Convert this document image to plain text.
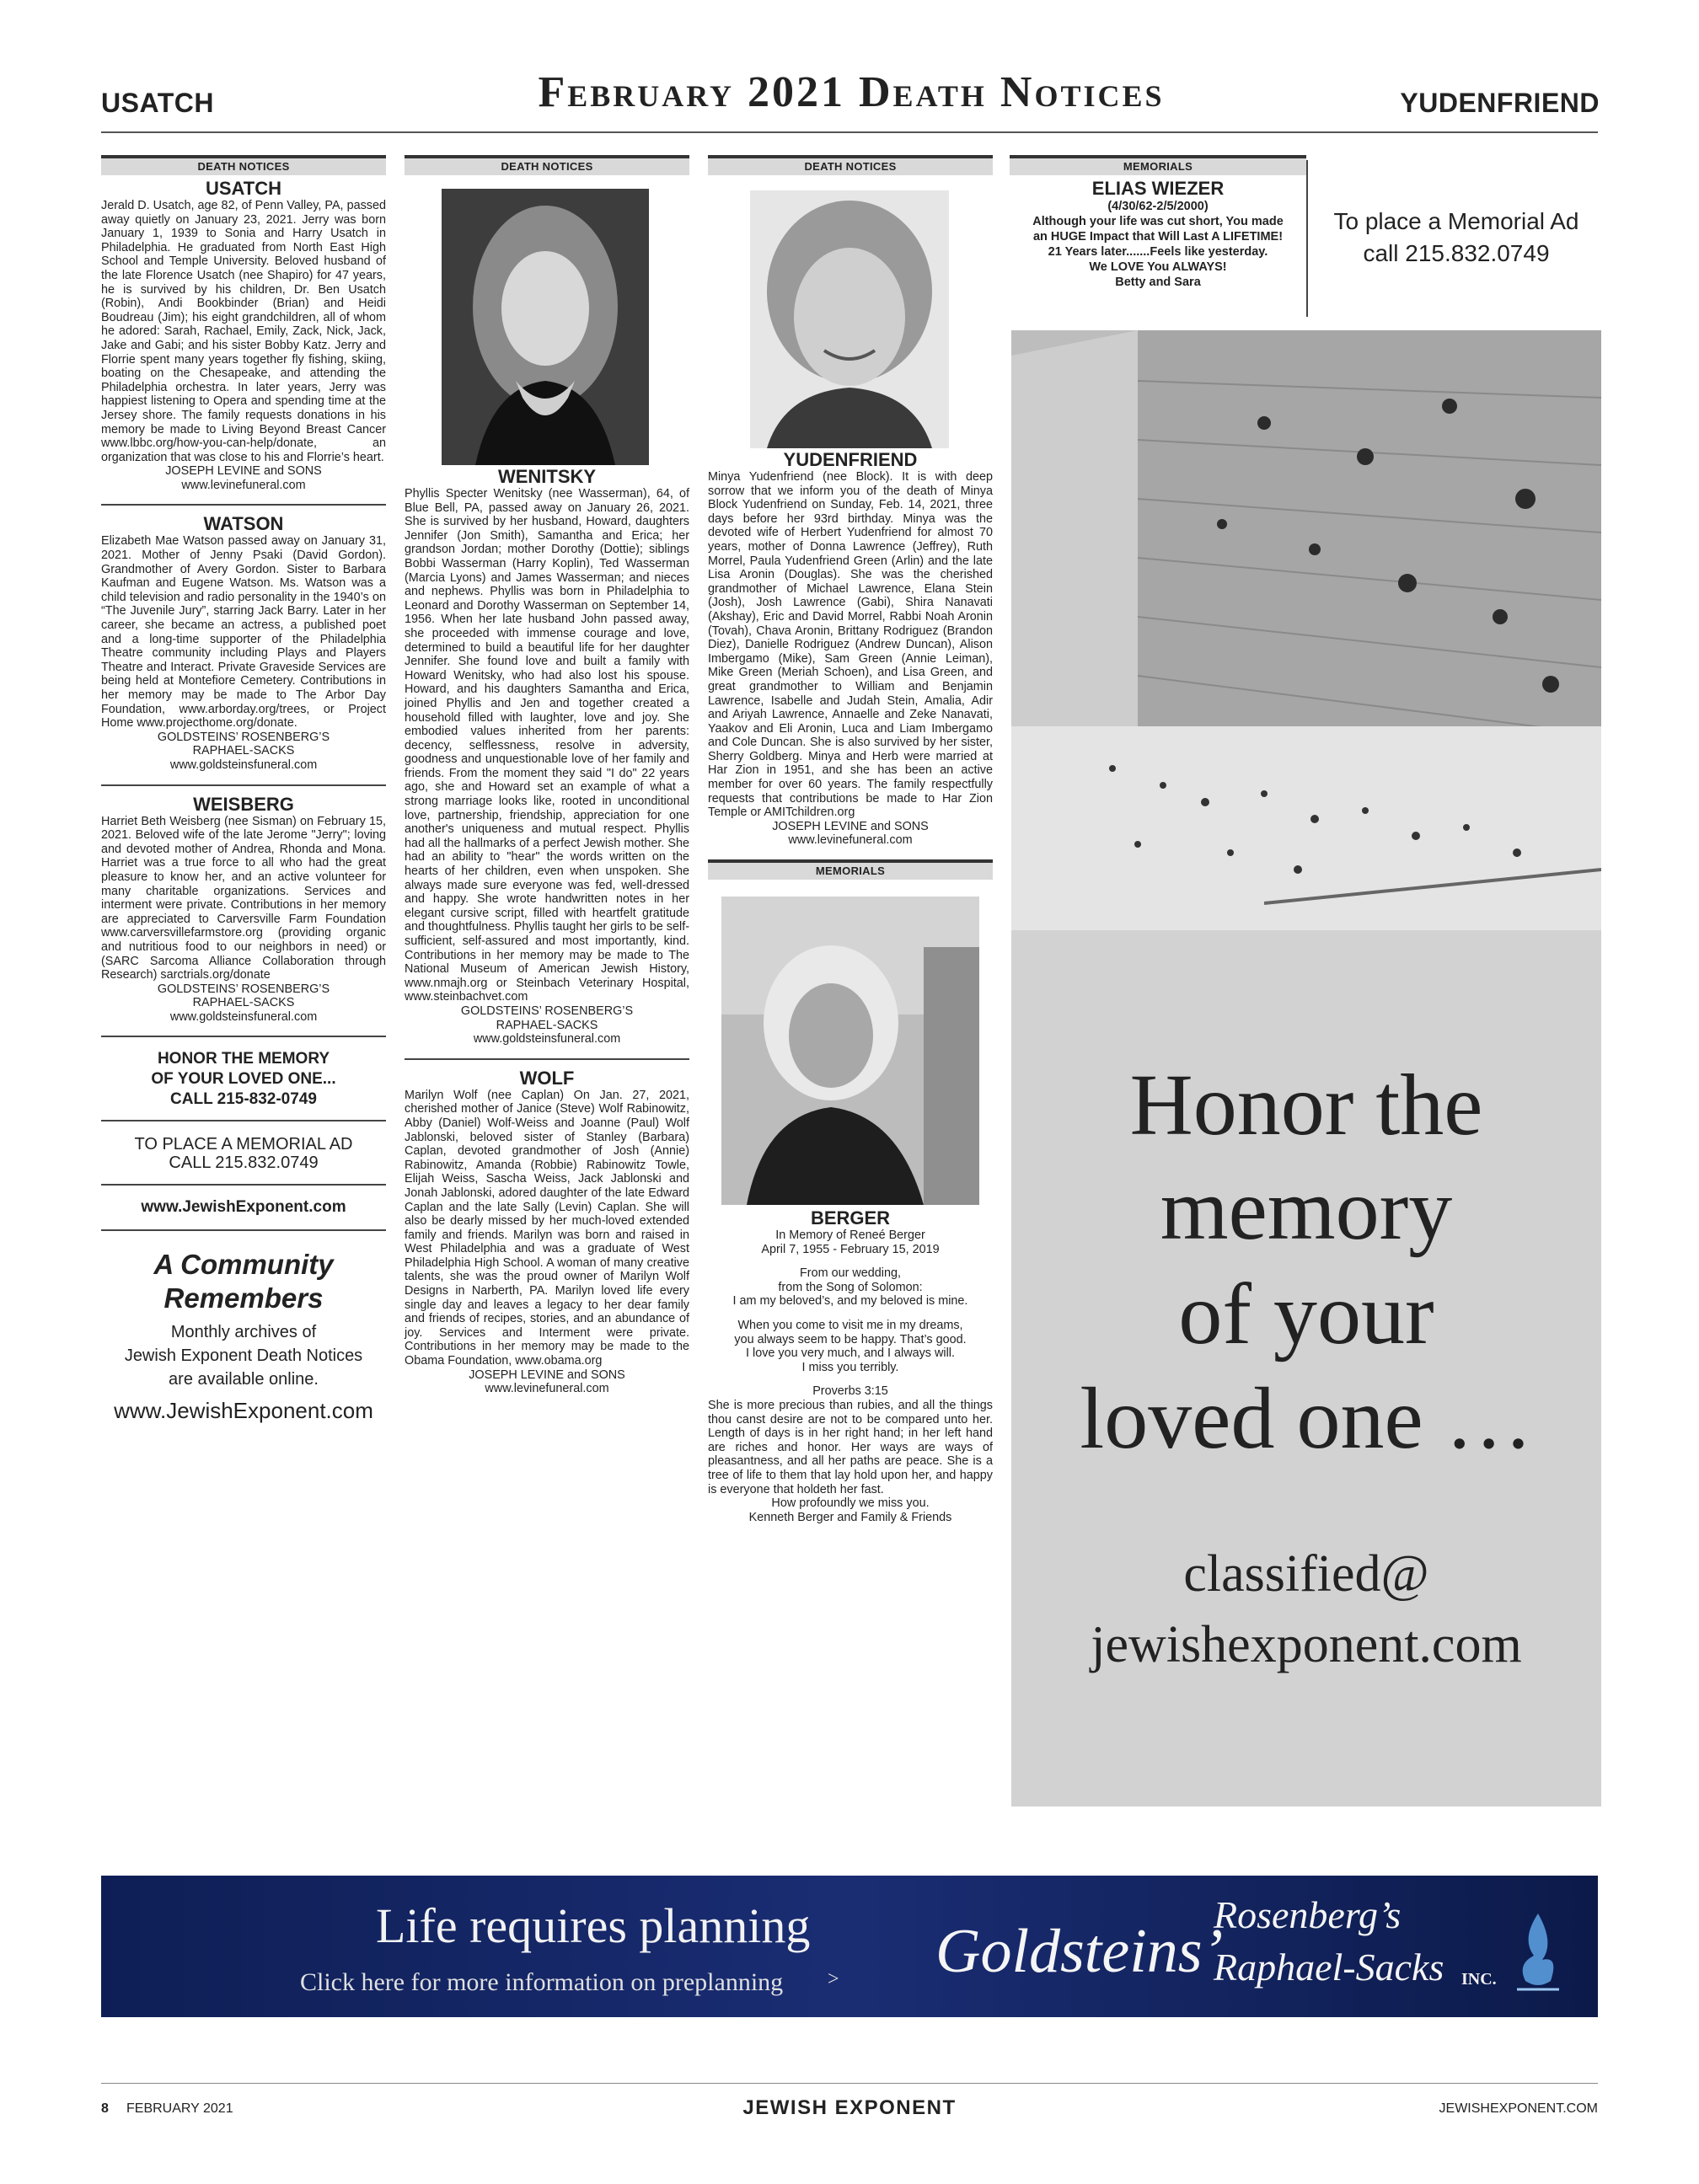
USATCH	February 2021 Death Notices	YUDENFRIEND
DEATH NOTICES
USATCH
Jerald D. Usatch, age 82, of Penn Valley, PA, passed away quietly on January 23, 2021. Jerry was born January 1, 1939 to Sonia and Harry Usatch in Philadelphia. He graduated from North East High School and Temple University. Beloved husband of the late Florence Usatch (nee Shapiro) for 47 years, he is survived by his children, Dr. Ben Usatch (Robin), Andi Bookbinder (Brian) and Heidi Boudreau (Jim); his eight grandchildren, all of whom he adored: Sarah, Rachael, Emily, Zack, Nick, Jack, Jake and Gabi; and his sister Bobby Katz. Jerry and Florrie spent many years together fly fishing, skiing, boating on the Chesapeake, and attending the Philadelphia orchestra. In later years, Jerry was happiest listening to Opera and spending time at the Jersey shore. The family requests donations in his memory be made to Living Beyond Breast Cancer www.lbbc.org/how-you-can-help/donate, an organization that was close to his and Florrie’s heart.
JOSEPH LEVINE and SONS
www.levinefuneral.com
WATSON
Elizabeth Mae Watson passed away on January 31, 2021. Mother of Jenny Psaki (David Gordon). Grandmother of Avery Gordon. Sister to Barbara Kaufman and Eugene Watson. Ms. Watson was a child television and radio personality in the 1940’s on “The Juvenile Jury”, starring Jack Barry. Later in her career, she became an actress, a published poet and a long-time supporter of the Philadelphia Theatre community including Plays and Players Theatre and Interact. Private Graveside Services are being held at Montefiore Cemetery. Contributions in her memory may be made to The Arbor Day Foundation, www.arborday.org/trees, or Project Home www.projecthome.org/donate.
GOLDSTEINS’ ROSENBERG’S
RAPHAEL-SACKS
www.goldsteinsfuneral.com
WEISBERG
Harriet Beth Weisberg (nee Sisman) on February 15, 2021. Beloved wife of the late Jerome "Jerry"; loving and devoted mother of Andrea, Rhonda and Mona. Harriet was a true force to all who had the great pleasure to know her, and an active volunteer for many charitable organizations. Services and interment were private. Contributions in her memory are appreciated to Carversville Farm Foundation www.carversvillefarmstore.org (providing organic and nutritious food to our neighbors in need) or (SARC Sarcoma Alliance Collaboration through Research) sarctrials.org/donate
GOLDSTEINS’ ROSENBERG’S
RAPHAEL-SACKS
www.goldsteinsfuneral.com
HONOR THE MEMORY
OF YOUR LOVED ONE...
CALL 215-832-0749
TO PLACE A MEMORIAL AD
CALL 215.832.0749
www.JewishExponent.com
A Community
Remembers
Monthly archives of
Jewish Exponent Death Notices
are available online.
www.JewishExponent.com
DEATH NOTICES
WENITSKY
Phyllis Specter Wenitsky (nee Wasserman), 64, of Blue Bell, PA, passed away on January 26, 2021. She is survived by her husband, Howard, daughters Jennifer (Jon Smith), Samantha and Erica; her grandson Jordan; mother Dorothy (Dottie); siblings Bobbi Wasserman (Harry Koplin), Ted Wasserman (Marcia Lyons) and James Wasserman; and nieces and nephews. Phyllis was born in Philadelphia to Leonard and Dorothy Wasserman on September 14, 1956. When her late husband John passed away, she proceeded with immense courage and love, determined to build a beautiful life for her daughter Jennifer. She found love and built a family with Howard Wenitsky, who had also lost his spouse. Howard, and his daughters Samantha and Erica, joined Phyllis and Jen and together created a household filled with laughter, love and joy. She embodied values inherited from her parents: decency, selflessness, resolve in adversity, goodness and unquestionable love of her family and friends. From the moment they said "I do" 22 years ago, she and Howard set an example of what a strong marriage looks like, rooted in unconditional love, partnership, friendship, appreciation for one another's uniqueness and mutual respect. Phyllis had all the hallmarks of a perfect Jewish mother. She had an ability to "hear" the words written on the hearts of her children, even when unspoken. She always made sure everyone was fed, well-dressed and happy. She wrote handwritten notes in her elegant cursive script, filled with heartfelt gratitude and thoughtfulness. Phyllis taught her girls to be self-sufficient, self-assured and most importantly, kind. Contributions in her memory may be made to The National Museum of American Jewish History, www.nmajh.org or Steinbach Veterinary Hospital, www.steinbachvet.com
GOLDSTEINS’ ROSENBERG’S
RAPHAEL-SACKS
www.goldsteinsfuneral.com
WOLF
Marilyn Wolf (nee Caplan) On Jan. 27, 2021, cherished mother of Janice (Steve) Wolf Rabinowitz, Abby (Daniel) Wolf-Weiss and Joanne (Paul) Wolf Jablonski, beloved sister of Stanley (Barbara) Caplan, devoted grandmother of Josh (Annie) Rabinowitz, Amanda (Robbie) Rabinowitz Towle, Elijah Weiss, Sascha Weiss, Jack Jablonski and Jonah Jablonski, adored daughter of the late Edward Caplan and the late Sally (Levin) Caplan. She will also be dearly missed by her much-loved extended family and friends. Marilyn was born and raised in West Philadelphia and was a graduate of West Philadelphia High School. A woman of many creative talents, she was the proud owner of Marilyn Wolf Designs in Narberth, PA. Marilyn loved life every single day and leaves a legacy to her dear family and friends of recipes, stories, and an abundance of joy. Services and Interment were private. Contributions in her memory may be made to the Obama Foundation, www.obama.org
JOSEPH LEVINE and SONS
www.levinefuneral.com
DEATH NOTICES
YUDENFRIEND
Minya Yudenfriend (nee Block). It is with deep sorrow that we inform you of the death of Minya Block Yudenfriend on Sunday, Feb. 14, 2021, three days before her 93rd birthday. Minya was the devoted wife of Herbert Yudenfriend for almost 70 years, mother of Donna Lawrence (Jeffrey), Ruth Morrel, Paula Yudenfriend Green (Arlin) and the late Lisa Aronin (Douglas). She was the cherished grandmother of Michael Lawrence, Elana Stein (Josh), Josh Lawrence (Gabi), Shira Nanavati (Akshay), Eric and David Morrel, Rabbi Noah Aronin (Tovah), Chava Aronin, Brittany Rodriguez (Brandon Diez), Danielle Rodriguez (Andrew Duncan), Alison Imbergamo (Mike), Sam Green (Annie Leiman), Mike Green (Meriah Schoen), and Lisa Green, and great grandmother to William and Benjamin Lawrence, Isabelle and Judah Stein, Amalia, Adir and Ariyah Lawrence, Annaelle and Zeke Nanavati, Yaakov and Eli Aronin, Luca and Liam Imbergamo and Cole Duncan. She is also survived by her sister, Sherry Goldberg. Minya and Herb were married at Har Zion in 1951, and she has been an active member for over 60 years. The family respectfully requests that contributions be made to Har Zion Temple or AMITchildren.org
JOSEPH LEVINE and SONS
www.levinefuneral.com
MEMORIALS
BERGER
In Memory of Reneé Berger
April 7, 1955 - February 15, 2019
From our wedding,
from the Song of Solomon:
I am my beloved’s, and my beloved is mine.
When you come to visit me in my dreams,
you always seem to be happy. That’s good.
I love you very much, and I always will.
I miss you terribly.
Proverbs 3:15
She is more precious than rubies, and all the things thou canst desire are not to be compared unto her. Length of days is in her right hand; in her left hand are riches and honor. Her ways are ways of pleasantness, and all her paths are peace. She is a tree of life to them that lay hold upon her, and happy is everyone that holdeth her fast.
How profoundly we miss you.
Kenneth Berger and Family & Friends
MEMORIALS
ELIAS WIEZER
(4/30/62-2/5/2000)
Although your life was cut short, You made
an HUGE Impact that Will Last A LIFETIME!
21 Years later.......Feels like yesterday.
We LOVE You ALWAYS!
Betty and Sara
To place a Memorial Ad
call 215.832.0749
Honor the
memory
of your
loved one …
classified@
jewishexponent.com
Life requires planning
Click here for more information on preplanning > Goldsteins’
Rosenberg’s
Raphael-Sacks INC.
8 FEBRUARY 2021	JEWISH EXPONENT	JEWISHEXPONENT.COM
